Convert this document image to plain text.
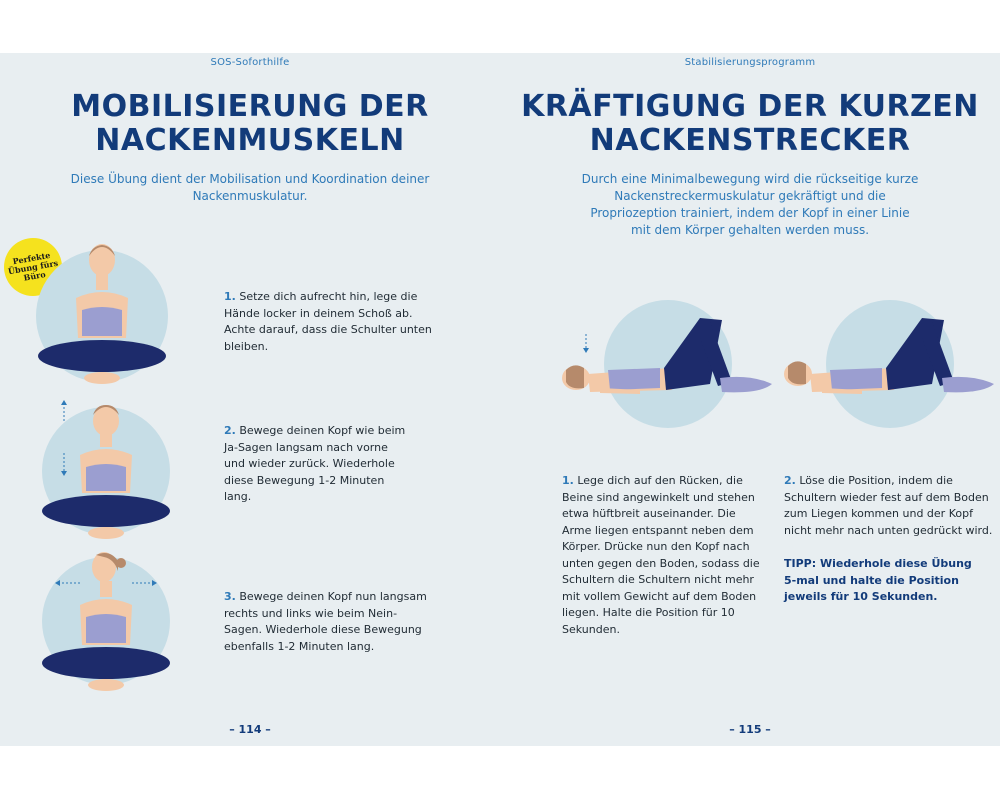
SOS-Soforthilfe
MOBILISIERUNG DER
NACKENMUSKELN

Diese Übung dient der Mobilisation und Koordination deiner Nackenmuskulatur.

Perfekte Übung fürs Büro

1. Setze dich aufrecht hin, lege die Hände locker in deinem Schoß ab. Achte darauf, dass die Schulter unten bleiben.

2. Bewege deinen Kopf wie beim Ja-Sagen langsam nach vorne und wieder zurück. Wiederhole diese Bewegung 1-2 Minuten lang.

3. Bewege deinen Kopf nun langsam rechts und links wie beim Nein-Sagen. Wiederhole diese Bewegung ebenfalls 1-2 Minuten lang.

– 114 –
Stabilisierungsprogramm
KRÄFTIGUNG DER KURZEN
NACKENSTRECKER

Durch eine Minimalbewegung wird die rückseitige kurze Nackenstreckermuskulatur gekräftigt und die Propriozeption trainiert, indem der Kopf in einer Linie mit dem Körper gehalten werden muss.

1. Lege dich auf den Rücken, die Beine sind angewinkelt und stehen etwa hüftbreit auseinander. Die Arme liegen entspannt neben dem Körper. Drücke nun den Kopf nach unten gegen den Boden, sodass die Schultern die Schultern nicht mehr mit vollem Gewicht auf dem Boden liegen. Halte die Position für 10 Sekunden.

2. Löse die Position, indem die Schultern wieder fest auf dem Boden zum Liegen kommen und der Kopf nicht mehr nach unten gedrückt wird.

TIPP: Wiederhole diese Übung 5-mal und halte die Position jeweils für 10 Sekunden.

– 115 –
